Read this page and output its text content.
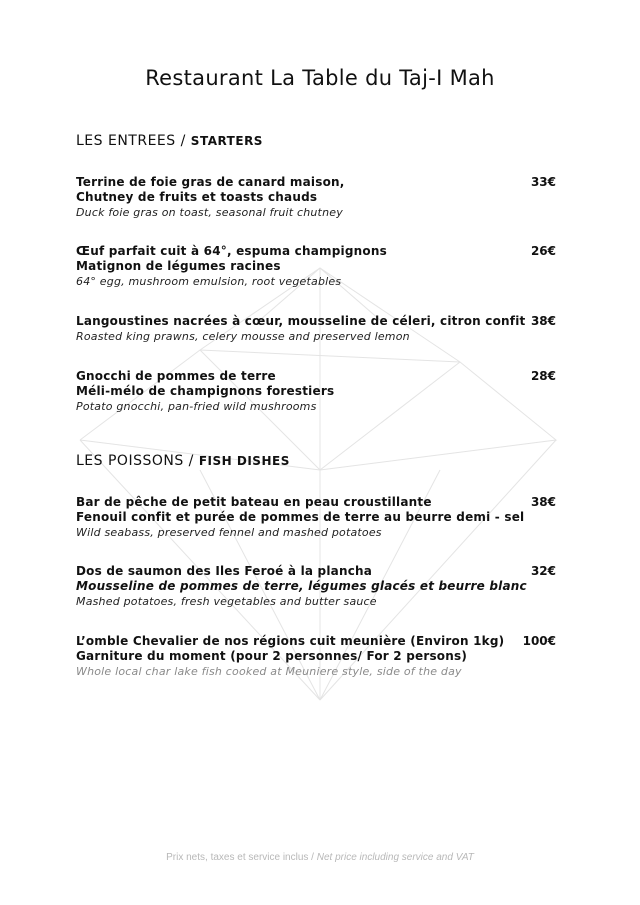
Restaurant La Table du Taj-I Mah
LES ENTREES / STARTERS
Terrine de foie gras de canard maison,
Chutney de fruits et toasts chauds
Duck foie gras on toast, seasonal fruit chutney
33€
Œuf parfait cuit à 64°, espuma champignons
Matignon de légumes racines
64° egg, mushroom emulsion, root vegetables
26€
Langoustines nacrées à cœur, mousseline de céleri, citron confit
Roasted king prawns, celery mousse and preserved lemon
38€
Gnocchi de pommes de terre
Méli-mélo de champignons forestiers
Potato gnocchi, pan-fried wild mushrooms
28€
LES POISSONS / FISH DISHES
Bar de pêche de petit bateau en peau croustillante
Fenouil confit et purée de pommes de terre au beurre demi - sel
Wild seabass, preserved fennel and mashed potatoes
38€
Dos de saumon des Iles Feroé à la plancha
Mousseline de pommes de terre, légumes glacés et beurre blanc
Mashed potatoes, fresh vegetables and butter sauce
32€
L’omble Chevalier de nos régions cuit meunière (Environ 1kg)
Garniture du moment (pour 2 personnes/ For 2 persons)
Whole local char lake fish cooked at Meuniere style, side of the day
100€
Prix nets, taxes et service inclus / Net price including service and VAT
